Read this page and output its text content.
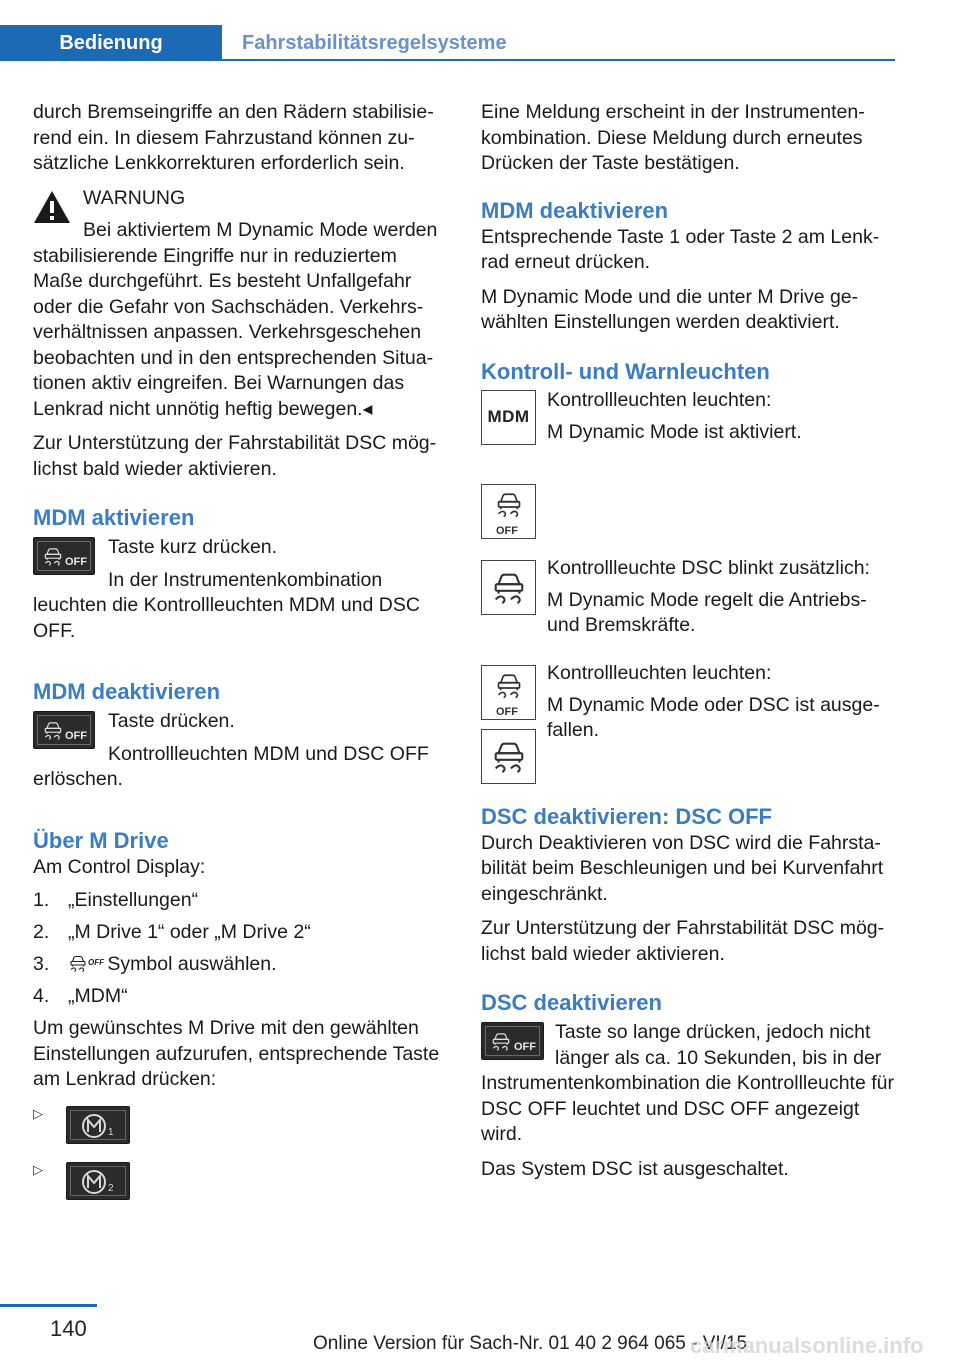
Bedienung	Fahrstabilitätsregelsysteme

durch Bremseingriffe an den Rädern stabilisierend ein. In diesem Fahrzustand können zusätzliche Lenkkorrekturen erforderlich sein.

WARNUNG

Bei aktiviertem M Dynamic Mode werden

stabilisierende Eingriffe nur in reduziertem Maße durchgeführt. Es besteht Unfallgefahr oder die Gefahr von Sachschäden. Verkehrsverhältnissen anpassen. Verkehrsgeschehen beobachten und in den entsprechenden Situationen aktiv eingreifen. Bei Warnungen das Lenkrad nicht unnötig heftig bewegen.◂

Zur Unterstützung der Fahrstabilität DSC möglichst bald wieder aktivieren.

MDM aktivieren
OFF

Taste kurz drücken.

In der Instrumentenkombination

leuchten die Kontrollleuchten MDM und DSC OFF.

MDM deaktivieren
OFF

Taste drücken.

Kontrollleuchten MDM und DSC OFF

erlöschen.

Über M Drive

Am Control Display:

1. „Einstellungen“
2. „M Drive 1“ oder „M Drive 2“
3.	OFF
Symbol auswählen.
4. „MDM“

Um gewünschtes M Drive mit den gewählten Einstellungen aufzurufen, entsprechende Taste am Lenkrad drücken:

▷
1
▷
2

Eine Meldung erscheint in der Instrumentenkombination. Diese Meldung durch erneutes Drücken der Taste bestätigen.

MDM deaktivieren

Entsprechende Taste 1 oder Taste 2 am Lenkrad erneut drücken.

M Dynamic Mode und die unter M Drive gewählten Einstellungen werden deaktiviert.

Kontroll- und Warnleuchten
MDM

Kontrollleuchten leuchten:

M Dynamic Mode ist aktiviert.

OFF

Kontrollleuchte DSC blinkt zusätzlich:

M Dynamic Mode regelt die Antriebs- und Bremskräfte.

OFF

Kontrollleuchten leuchten:

M Dynamic Mode oder DSC ist ausgefallen.

DSC deaktivieren: DSC OFF

Durch Deaktivieren von DSC wird die Fahrstabilität beim Beschleunigen und bei Kurvenfahrt eingeschränkt.

Zur Unterstützung der Fahrstabilität DSC möglichst bald wieder aktivieren.

DSC deaktivieren
OFF

Taste so lange drücken, jedoch nicht

länger als ca. 10 Sekunden, bis in der

Instrumentenkombination die Kontrollleuchte für DSC OFF leuchtet und DSC OFF angezeigt wird.

Das System DSC ist ausgeschaltet.

140
Online Version für Sach-Nr. 01 40 2 964 065 - VI/15
carmanualsonline.info
